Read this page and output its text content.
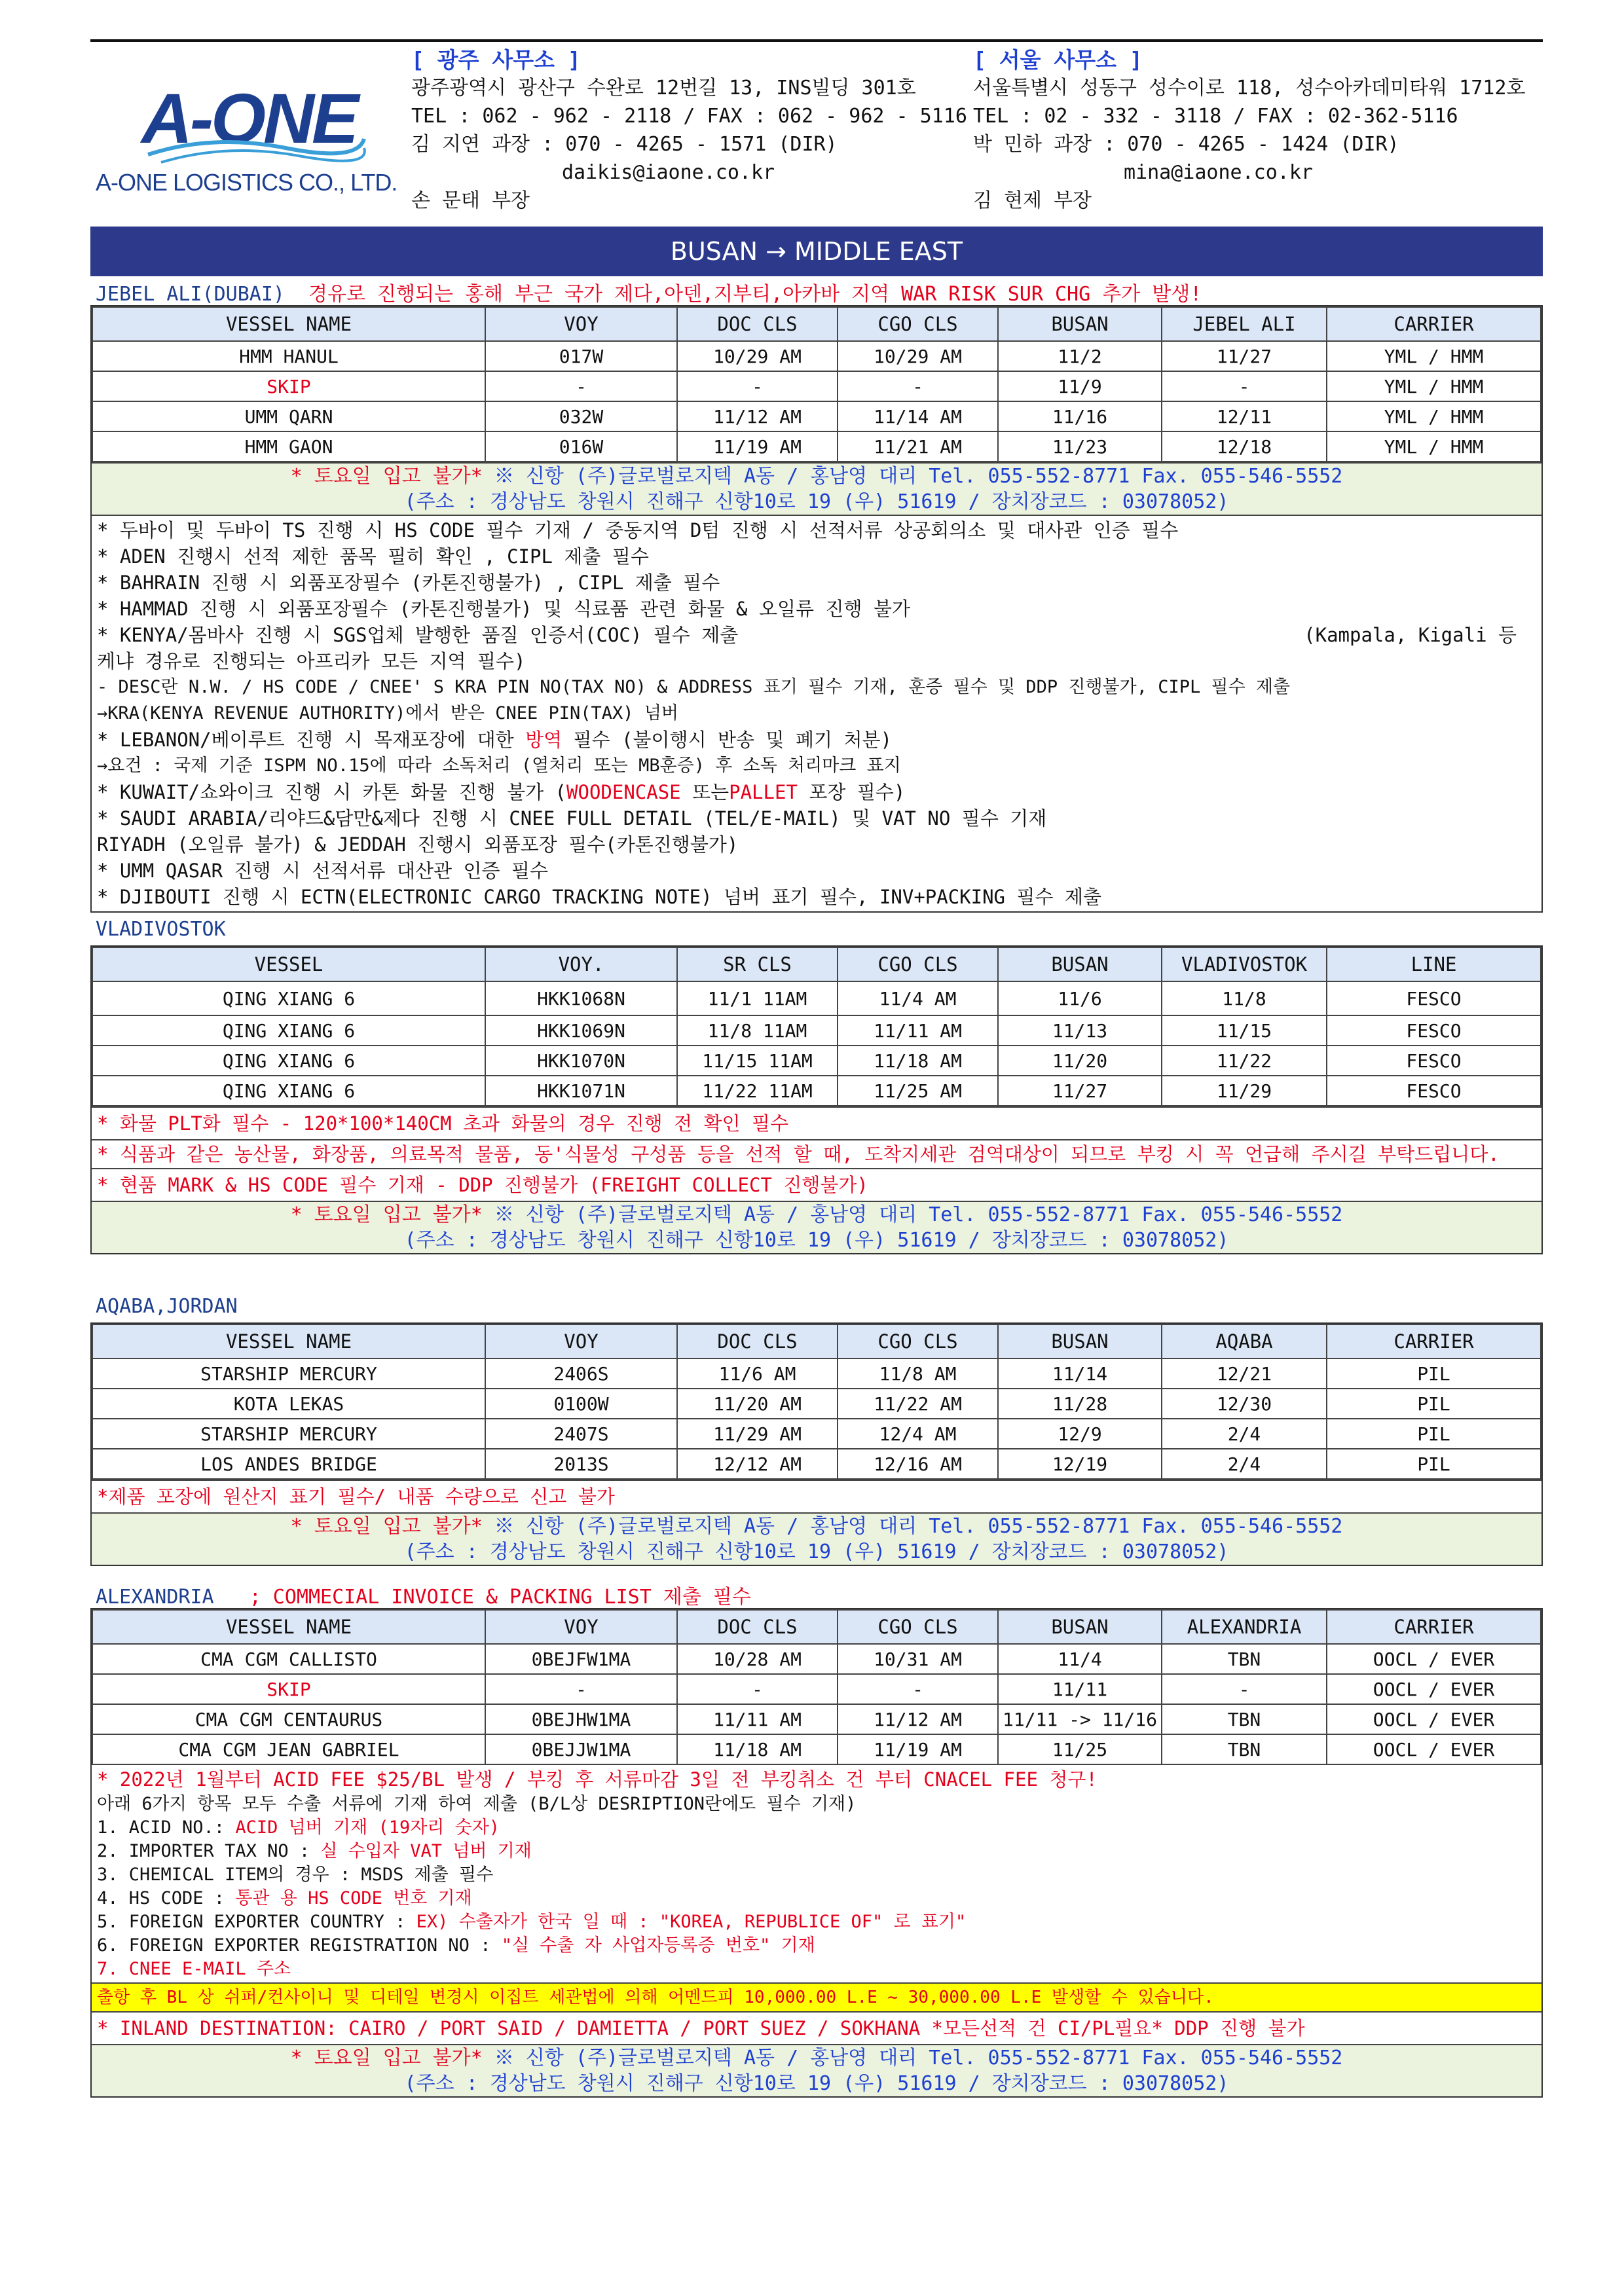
A-ONE
A-ONE LOGISTICS CO., LTD.
[ 광주 사무소 ]
광주광역시 광산구 수완로 12번길 13, INS빌딩 301호
TEL : 062 - 962 - 2118 / FAX : 062 - 962 - 5116
김 지연 과장 : 070 - 4265 - 1571 (DIR)
daikis@iaone.co.kr
손 문태 부장
[ 서울 사무소 ]
서울특별시 성동구 성수이로 118, 성수아카데미타워 1712호
TEL : 02 - 332 - 3118 / FAX : 02-362-5116
박 민하 과장 : 070 - 4265 - 1424 (DIR)
mina@iaone.co.kr
김 현제 부장
BUSAN → MIDDLE EAST
JEBEL ALI(DUBAI) 경유로 진행되는 홍해 부근 국가 제다,아덴,지부티,아카바 지역 WAR RISK SUR CHG 추가 발생!
VESSEL NAME	VOY	DOC CLS	CGO CLS	BUSAN	JEBEL ALI	CARRIER
HMM HANUL	017W	10/29 AM	10/29 AM	11/2	11/27	YML / HMM
SKIP	-	-	-	11/9	-	YML / HMM
UMM QARN	032W	11/12 AM	11/14 AM	11/16	12/11	YML / HMM
HMM GAON	016W	11/19 AM	11/21 AM	11/23	12/18	YML / HMM
* 토요일 입고 불가* ※ 신항 (주)글로벌로지텍 A동 / 홍남영 대리 Tel. 055-552-8771 Fax. 055-546-5552
(주소 : 경상남도 창원시 진해구 신항10로 19 (우) 51619 / 장치장코드 : 03078052)

* 두바이 및 두바이 TS 진행 시 HS CODE 필수 기재 / 중동지역 D텀 진행 시 선적서류 상공회의소 및 대사관 인증 필수

* ADEN 진행시 선적 제한 품목 필히 확인 , CIPL 제출 필수

* BAHRAIN 진행 시 외품포장필수 (카톤진행불가) , CIPL 제출 필수

* HAMMAD 진행 시 외품포장필수 (카톤진행불가) 및 식료품 관련 화물 & 오일류 진행 불가

* KENYA/몸바사 진행 시 SGS업체 발행한 품질 인증서(COC) 필수 제출	(Kampala, Kigali 등

케냐 경유로 진행되는 아프리카 모든 지역 필수)

- DESC란 N.W. / HS CODE / CNEE' S KRA PIN NO(TAX NO) & ADDRESS 표기 필수 기재, 훈증 필수 및 DDP 진행불가, CIPL 필수 제출

→KRA(KENYA REVENUE AUTHORITY)에서 받은 CNEE PIN(TAX) 넘버

* LEBANON/베이루트 진행 시 목재포장에 대한 방역 필수 (불이행시 반송 및 폐기 처분)

→요건 : 국제 기준 ISPM NO.15에 따라 소독처리 (열처리 또는 MB훈증) 후 소독 처리마크 표지

* KUWAIT/쇼와이크 진행 시 카톤 화물 진행 불가 (WOODENCASE 또는PALLET 포장 필수)

* SAUDI ARABIA/리야드&담만&제다 진행 시 CNEE FULL DETAIL (TEL/E-MAIL) 및 VAT NO 필수 기재

RIYADH (오일류 불가) & JEDDAH 진행시 외품포장 필수(카톤진행불가)

* UMM QASAR 진행 시 선적서류 대산관 인증 필수

* DJIBOUTI 진행 시 ECTN(ELECTRONIC CARGO TRACKING NOTE) 넘버 표기 필수, INV+PACKING 필수 제출

VLADIVOSTOK
VESSEL	VOY.	SR CLS	CGO CLS	BUSAN	VLADIVOSTOK	LINE
QING XIANG 6	HKK1068N	11/1 11AM	11/4 AM	11/6	11/8	FESCO
QING XIANG 6	HKK1069N	11/8 11AM	11/11 AM	11/13	11/15	FESCO
QING XIANG 6	HKK1070N	11/15 11AM	11/18 AM	11/20	11/22	FESCO
QING XIANG 6	HKK1071N	11/22 11AM	11/25 AM	11/27	11/29	FESCO
* 화물 PLT화 필수 - 120*100*140CM 초과 화물의 경우 진행 전 확인 필수
* 식품과 같은 농산물, 화장품, 의료목적 물품, 동'식물성 구성품 등을 선적 할 때, 도착지세관 검역대상이 되므로 부킹 시 꼭 언급해 주시길 부탁드립니다.
* 현품 MARK & HS CODE 필수 기재 - DDP 진행불가 (FREIGHT COLLECT 진행불가)
* 토요일 입고 불가* ※ 신항 (주)글로벌로지텍 A동 / 홍남영 대리 Tel. 055-552-8771 Fax. 055-546-5552
(주소 : 경상남도 창원시 진해구 신항10로 19 (우) 51619 / 장치장코드 : 03078052)
AQABA,JORDAN
VESSEL NAME	VOY	DOC CLS	CGO CLS	BUSAN	AQABA	CARRIER
STARSHIP MERCURY	2406S	11/6 AM	11/8 AM	11/14	12/21	PIL
KOTA LEKAS	0100W	11/20 AM	11/22 AM	11/28	12/30	PIL
STARSHIP MERCURY	2407S	11/29 AM	12/4 AM	12/9	2/4	PIL
LOS ANDES BRIDGE	2013S	12/12 AM	12/16 AM	12/19	2/4	PIL
*제품 포장에 원산지 표기 필수/ 내품 수량으로 신고 불가
* 토요일 입고 불가* ※ 신항 (주)글로벌로지텍 A동 / 홍남영 대리 Tel. 055-552-8771 Fax. 055-546-5552
(주소 : 경상남도 창원시 진해구 신항10로 19 (우) 51619 / 장치장코드 : 03078052)
ALEXANDRIA ; COMMECIAL INVOICE & PACKING LIST 제출 필수
VESSEL NAME	VOY	DOC CLS	CGO CLS	BUSAN	ALEXANDRIA	CARRIER
CMA CGM CALLISTO	0BEJFW1MA	10/28 AM	10/31 AM	11/4	TBN	OOCL / EVER
SKIP	-	-	-	11/11	-	OOCL / EVER
CMA CGM CENTAURUS	0BEJHW1MA	11/11 AM	11/12 AM	11/11 -> 11/16	TBN	OOCL / EVER
CMA CGM JEAN GABRIEL	0BEJJW1MA	11/18 AM	11/19 AM	11/25	TBN	OOCL / EVER

* 2022년 1월부터 ACID FEE $25/BL 발생 / 부킹 후 서류마감 3일 전 부킹취소 건 부터 CNACEL FEE 청구!

아래 6가지 항목 모두 수출 서류에 기재 하여 제출 (B/L상 DESRIPTION란에도 필수 기재)

1. ACID NO.: ACID 넘버 기재 (19자리 숫자)

2. IMPORTER TAX NO : 실 수입자 VAT 넘버 기재

3. CHEMICAL ITEM의 경우 : MSDS 제출 필수

4. HS CODE : 통관 용 HS CODE 번호 기재

5. FOREIGN EXPORTER COUNTRY : EX) 수출자가 한국 일 때 : "KOREA, REPUBLICE OF" 로 표기"

6. FOREIGN EXPORTER REGISTRATION NO : "실 수출 자 사업자등록증 번호" 기재

7. CNEE E-MAIL 주소

출항 후 BL 상 쉬퍼/컨사이니 및 디테일 변경시 이집트 세관법에 의해 어멘드피 10,000.00 L.E ~ 30,000.00 L.E 발생할 수 있습니다.
* INLAND DESTINATION: CAIRO / PORT SAID / DAMIETTA / PORT SUEZ / SOKHANA *모든선적 건 CI/PL필요* DDP 진행 불가
* 토요일 입고 불가* ※ 신항 (주)글로벌로지텍 A동 / 홍남영 대리 Tel. 055-552-8771 Fax. 055-546-5552
(주소 : 경상남도 창원시 진해구 신항10로 19 (우) 51619 / 장치장코드 : 03078052)
